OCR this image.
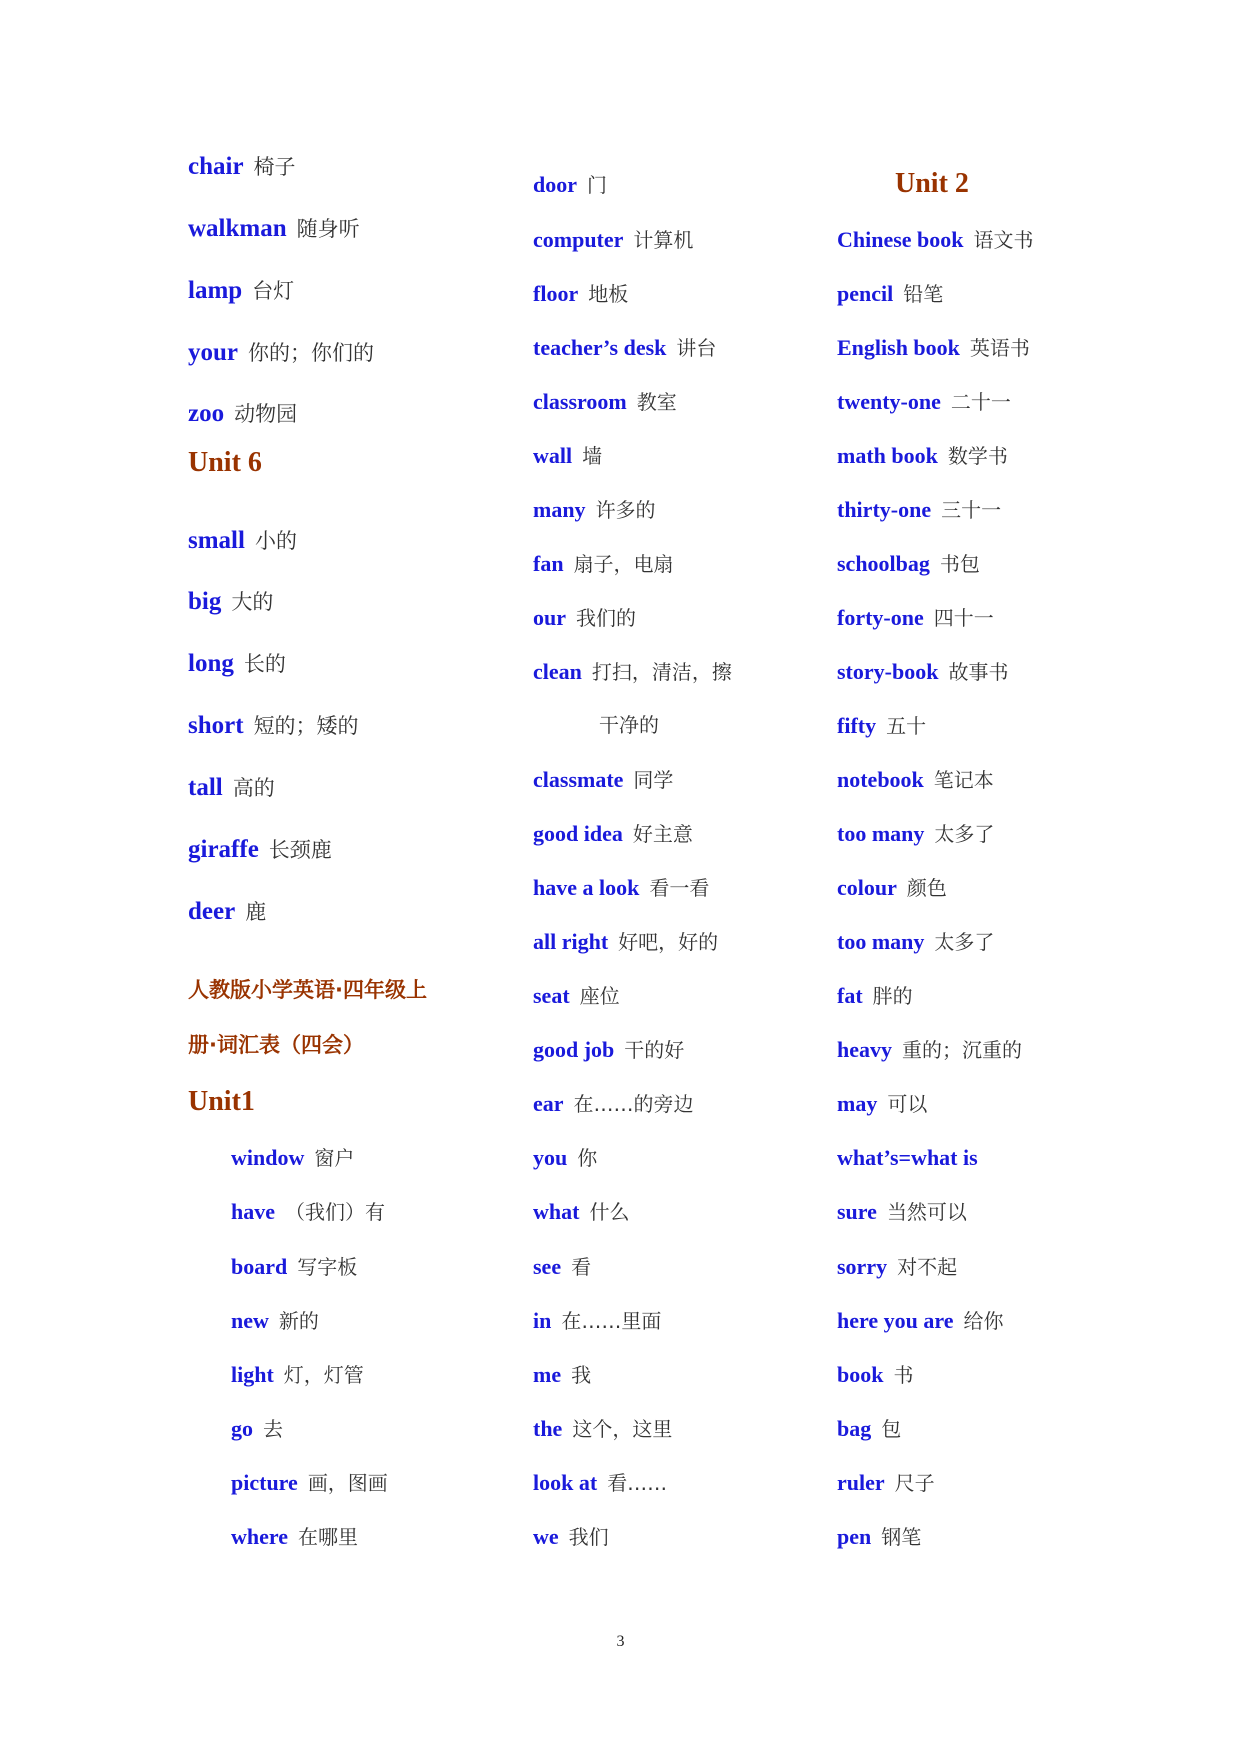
chair 椅子
walkman 随身听
lamp 台灯
your 你的；你们的
zoo 动物园
Unit 6
small 小的
big 大的
long 长的
short 短的；矮的
tall 高的
giraffe 长颈鹿
deer 鹿
人教版小学英语·四年级上
册·词汇表（四会）
Unit1
window 窗户
have （我们）有
board 写字板
new 新的
light 灯，灯管
go 去
picture 画，图画
where 在哪里
door 门
computer 计算机
floor 地板
teacher’s desk 讲台
classroom 教室
wall 墙
many 许多的
fan 扇子，电扇
our 我们的
clean 打扫，清洁，擦
干净的
classmate 同学
good idea 好主意
have a look 看一看
all right 好吧，好的
seat 座位
good job 干的好
ear 在……的旁边
you 你
what 什么
see 看
in 在……里面
me 我
the 这个，这里
look at 看……
we 我们
Unit 2
Chinese book 语文书
pencil 铅笔
English book 英语书
twenty-one 二十一
math book 数学书
thirty-one 三十一
schoolbag 书包
forty-one 四十一
story-book 故事书
fifty 五十
notebook 笔记本
too many 太多了
colour 颜色
too many 太多了
fat 胖的
heavy 重的；沉重的
may 可以
what’s=what is
sure 当然可以
sorry 对不起
here you are 给你
book 书
bag 包
ruler 尺子
pen 钢笔
3
